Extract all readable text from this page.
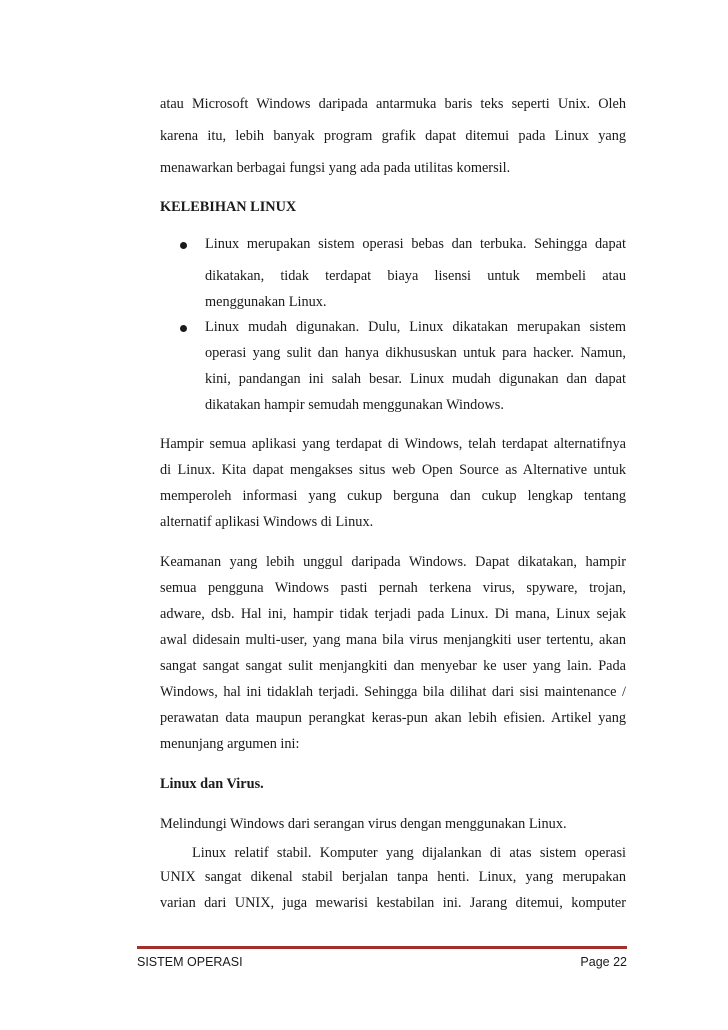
atau Microsoft Windows daripada antarmuka baris teks seperti Unix. Oleh
karena itu, lebih banyak program grafik dapat ditemui pada Linux yang
menawarkan berbagai fungsi yang ada pada utilitas komersil.
KELEBIHAN LINUX
Linux merupakan sistem operasi bebas dan terbuka. Sehingga dapat
dikatakan, tidak terdapat biaya lisensi untuk membeli atau
menggunakan Linux.
Linux mudah digunakan. Dulu, Linux dikatakan merupakan sistem
operasi yang sulit dan hanya dikhususkan untuk para hacker. Namun,
kini, pandangan ini salah besar. Linux mudah digunakan dan dapat
dikatakan hampir semudah menggunakan Windows.
Hampir semua aplikasi yang terdapat di Windows, telah terdapat alternatifnya
di Linux. Kita dapat mengakses situs web Open Source as Alternative untuk
memperoleh informasi yang cukup berguna dan cukup lengkap tentang
alternatif aplikasi Windows di Linux.
Keamanan yang lebih unggul daripada Windows. Dapat dikatakan, hampir
semua pengguna Windows pasti pernah terkena virus, spyware, trojan,
adware, dsb. Hal ini, hampir tidak terjadi pada Linux. Di mana, Linux sejak
awal didesain multi-user, yang mana bila virus menjangkiti user tertentu, akan
sangat sangat sangat sulit menjangkiti dan menyebar ke user yang lain. Pada
Windows, hal ini tidaklah terjadi. Sehingga bila dilihat dari sisi maintenance /
perawatan data maupun perangkat keras-pun akan lebih efisien. Artikel yang
menunjang argumen ini:
Linux dan Virus.
Melindungi Windows dari serangan virus dengan menggunakan Linux.
Linux relatif stabil. Komputer yang dijalankan di atas sistem operasi
UNIX sangat dikenal stabil berjalan tanpa henti. Linux, yang merupakan
varian dari UNIX, juga mewarisi kestabilan ini. Jarang ditemui, komputer
SISTEM OPERASI	Page 22
